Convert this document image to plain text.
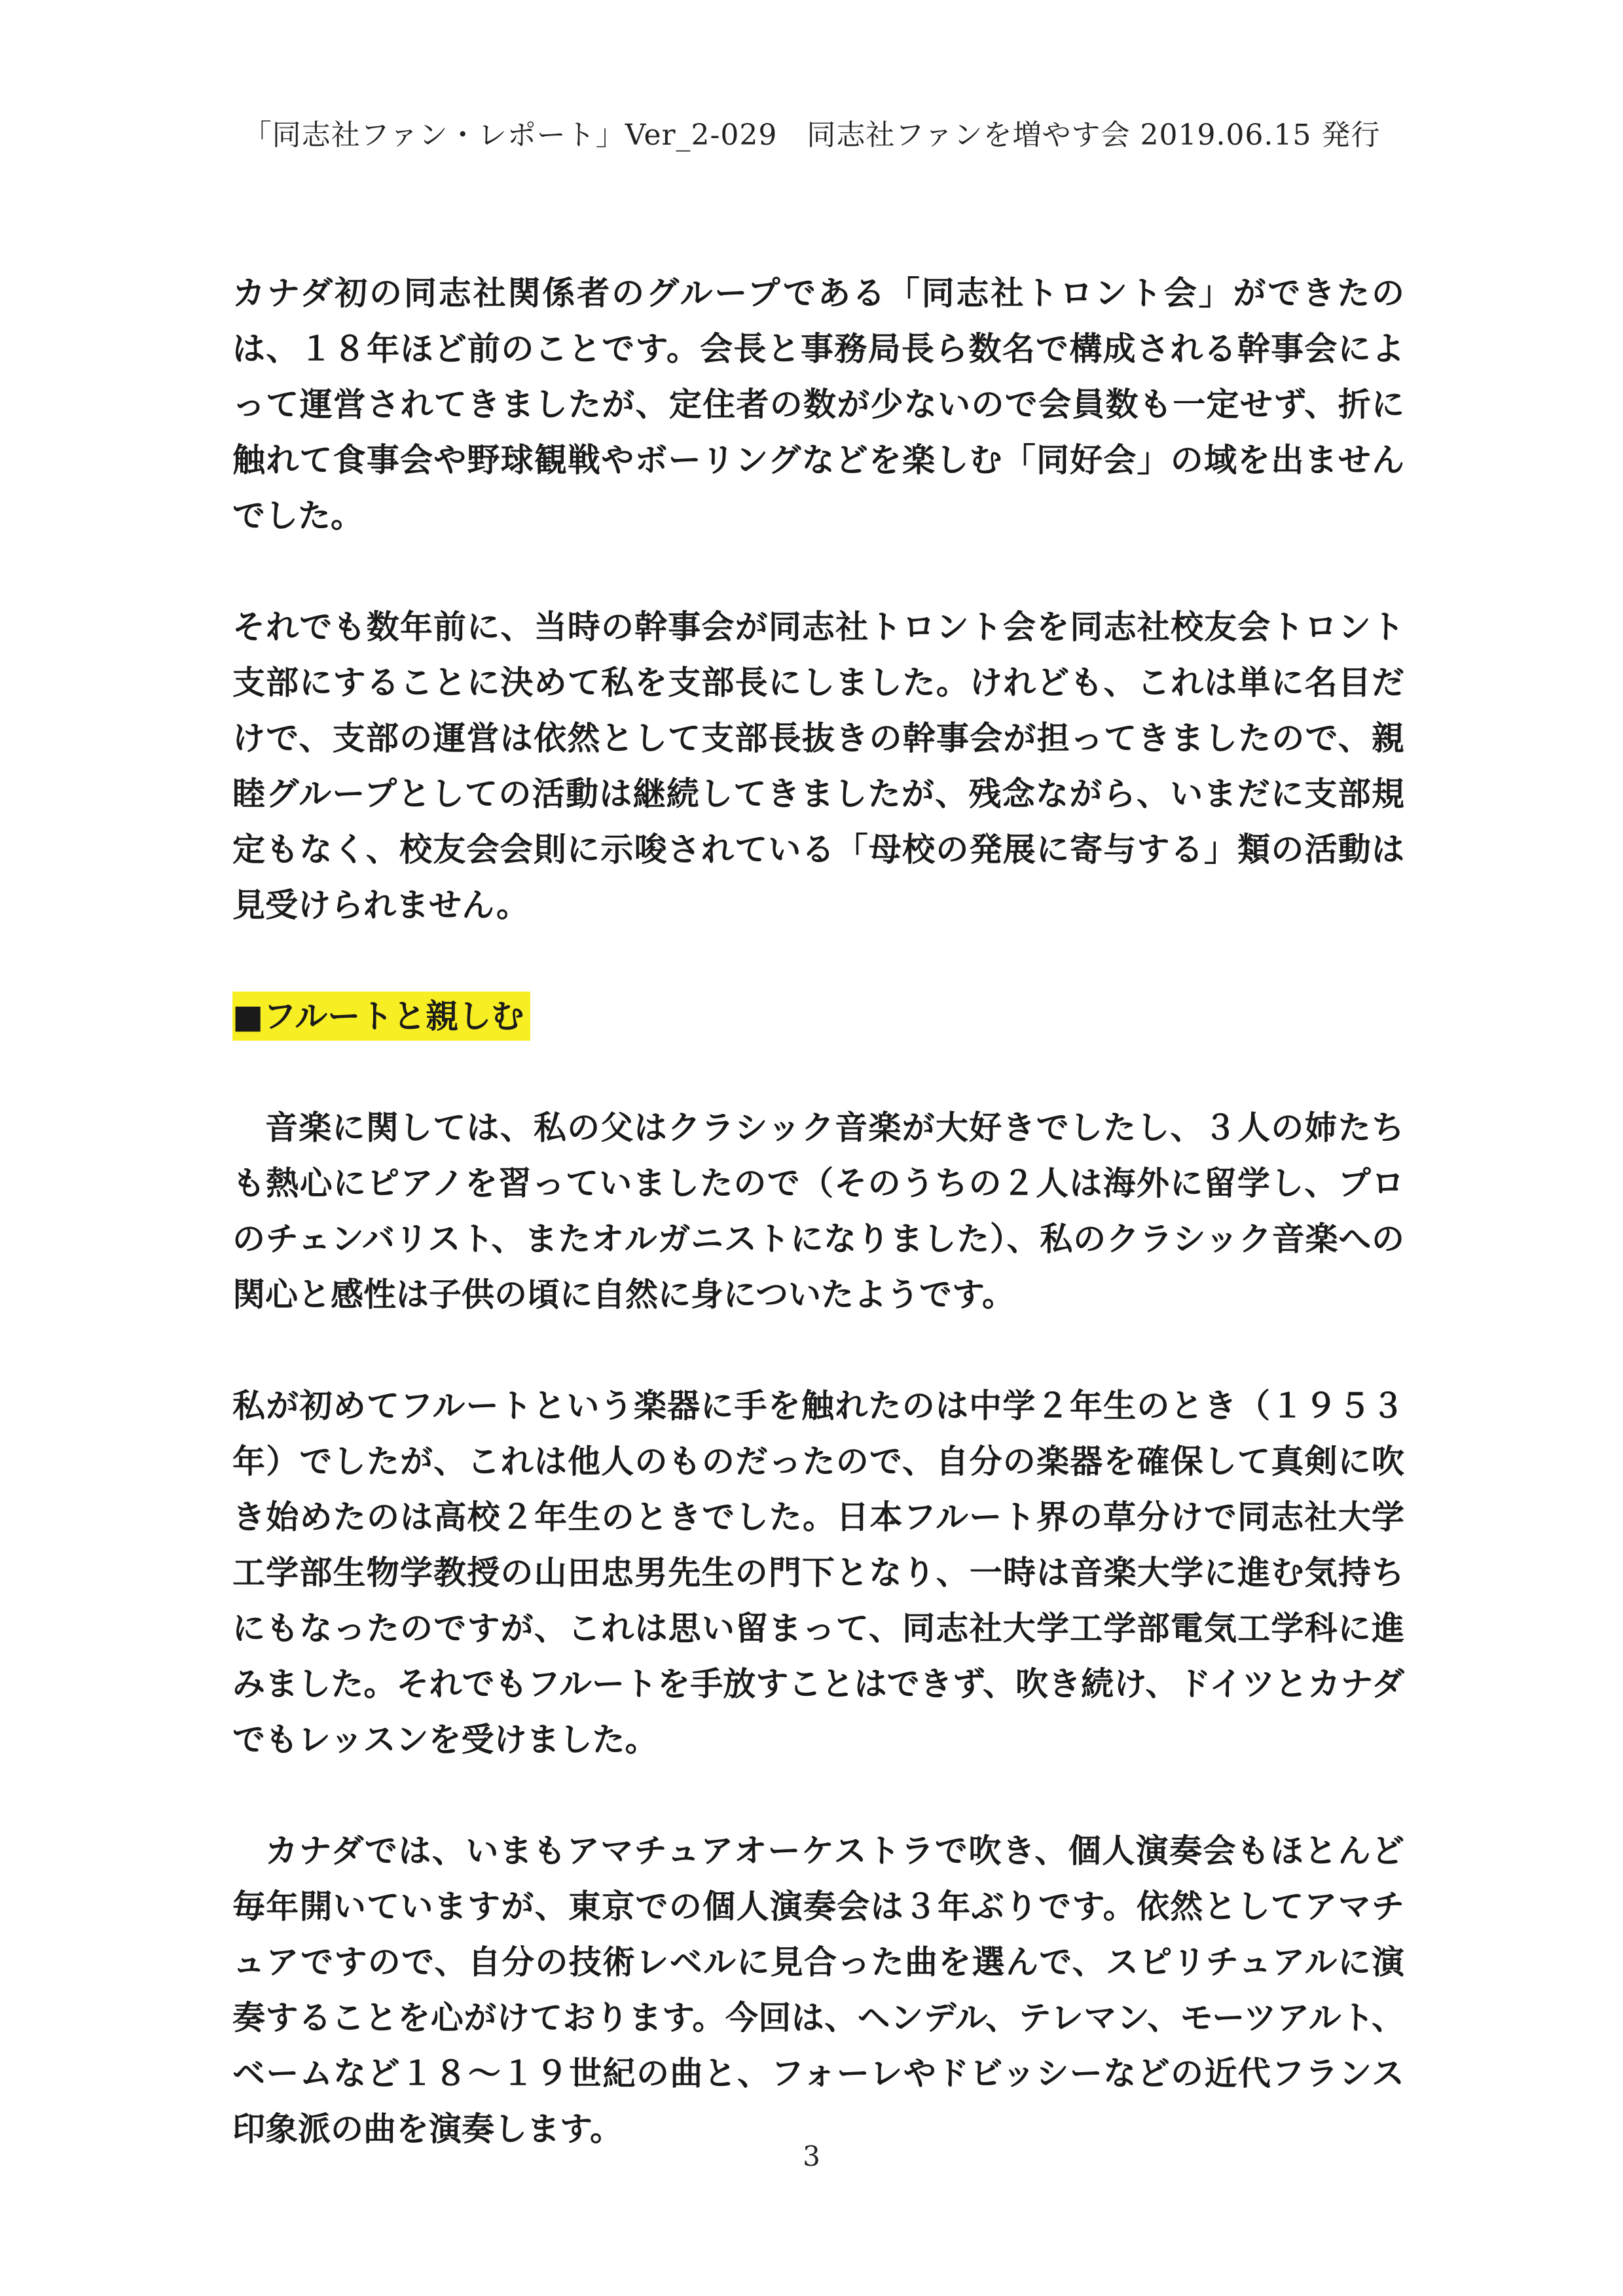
「同志社ファン・レポート」Ver_2-029　同志社ファンを増やす会 2019.06.15 発行

カナダ初の同志社関係者のグループである「同志社トロント会」ができたのは、１８年ほど前のことです。会長と事務局長ら数名で構成される幹事会によって運営されてきましたが、定住者の数が少ないので会員数も一定せず、折に触れて食事会や野球観戦やボーリングなどを楽しむ「同好会」の域を出ませんでした。

それでも数年前に、当時の幹事会が同志社トロント会を同志社校友会トロント支部にすることに決めて私を支部長にしました。けれども、これは単に名目だけで、支部の運営は依然として支部長抜きの幹事会が担ってきましたので、親睦グループとしての活動は継続してきましたが、残念ながら、いまだに支部規定もなく、校友会会則に示唆されている「母校の発展に寄与する」類の活動は見受けられません。

■フルートと親しむ

音楽に関しては、私の父はクラシック音楽が大好きでしたし、３人の姉たちも熱心にピアノを習っていましたので（そのうちの２人は海外に留学し、プロのチェンバリスト、またオルガニストになりました）、私のクラシック音楽への関心と感性は子供の頃に自然に身についたようです。

私が初めてフルートという楽器に手を触れたのは中学２年生のとき（１９５３年）でしたが、これは他人のものだったので、自分の楽器を確保して真剣に吹き始めたのは高校２年生のときでした。日本フルート界の草分けで同志社大学工学部生物学教授の山田忠男先生の門下となり、一時は音楽大学に進む気持ちにもなったのですが、これは思い留まって、同志社大学工学部電気工学科に進みました。それでもフルートを手放すことはできず、吹き続け、ドイツとカナダでもレッスンを受けました。

カナダでは、いまもアマチュアオーケストラで吹き、個人演奏会もほとんど毎年開いていますが、東京での個人演奏会は３年ぶりです。依然としてアマチュアですので、自分の技術レベルに見合った曲を選んで、スピリチュアルに演奏することを心がけております。今回は、ヘンデル、テレマン、モーツアルト、ベームなど１８〜１９世紀の曲と、フォーレやドビッシーなどの近代フランス印象派の曲を演奏します。

3
